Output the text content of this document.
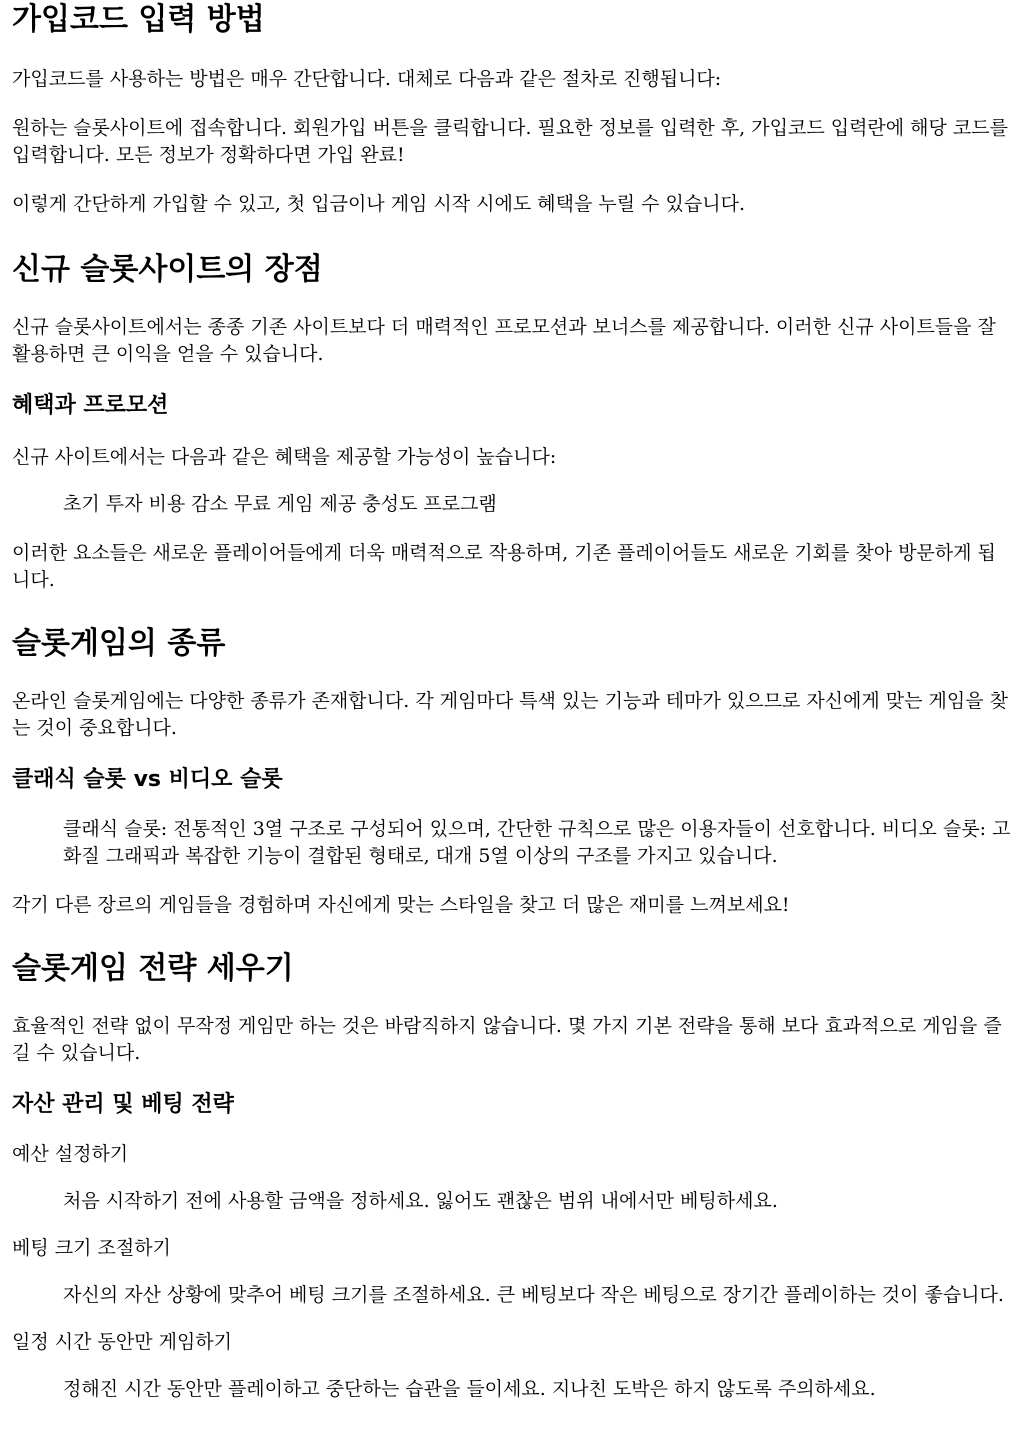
가입코드 입력 방법

가입코드를 사용하는 방법은 매우 간단합니다. 대체로 다음과 같은 절차로 진행됩니다:

원하는 슬롯사이트에 접속합니다. 회원가입 버튼을 클릭합니다. 필요한 정보를 입력한 후, 가입코드 입력란에 해당 코드를 입력합니다. 모든 정보가 정확하다면 가입 완료!

이렇게 간단하게 가입할 수 있고, 첫 입금이나 게임 시작 시에도 혜택을 누릴 수 있습니다.

신규 슬롯사이트의 장점

신규 슬롯사이트에서는 종종 기존 사이트보다 더 매력적인 프로모션과 보너스를 제공합니다. 이러한 신규 사이트들을 잘 활용하면 큰 이익을 얻을 수 있습니다.

혜택과 프로모션

신규 사이트에서는 다음과 같은 혜택을 제공할 가능성이 높습니다:

초기 투자 비용 감소 무료 게임 제공 충성도 프로그램

이러한 요소들은 새로운 플레이어들에게 더욱 매력적으로 작용하며, 기존 플레이어들도 새로운 기회를 찾아 방문하게 됩니다.

슬롯게임의 종류

온라인 슬롯게임에는 다양한 종류가 존재합니다. 각 게임마다 특색 있는 기능과 테마가 있으므로 자신에게 맞는 게임을 찾는 것이 중요합니다.

클래식 슬롯 vs 비디오 슬롯

클래식 슬롯: 전통적인 3열 구조로 구성되어 있으며, 간단한 규칙으로 많은 이용자들이 선호합니다. 비디오 슬롯: 고화질 그래픽과 복잡한 기능이 결합된 형태로, 대개 5열 이상의 구조를 가지고 있습니다.

각기 다른 장르의 게임들을 경험하며 자신에게 맞는 스타일을 찾고 더 많은 재미를 느껴보세요!

슬롯게임 전략 세우기

효율적인 전략 없이 무작정 게임만 하는 것은 바람직하지 않습니다. 몇 가지 기본 전략을 통해 보다 효과적으로 게임을 즐길 수 있습니다.

자산 관리 및 베팅 전략

예산 설정하기

처음 시작하기 전에 사용할 금액을 정하세요. 잃어도 괜찮은 범위 내에서만 베팅하세요.

베팅 크기 조절하기

자신의 자산 상황에 맞추어 베팅 크기를 조절하세요. 큰 베팅보다 작은 베팅으로 장기간 플레이하는 것이 좋습니다.

일정 시간 동안만 게임하기

정해진 시간 동안만 플레이하고 중단하는 습관을 들이세요. 지나친 도박은 하지 않도록 주의하세요.
